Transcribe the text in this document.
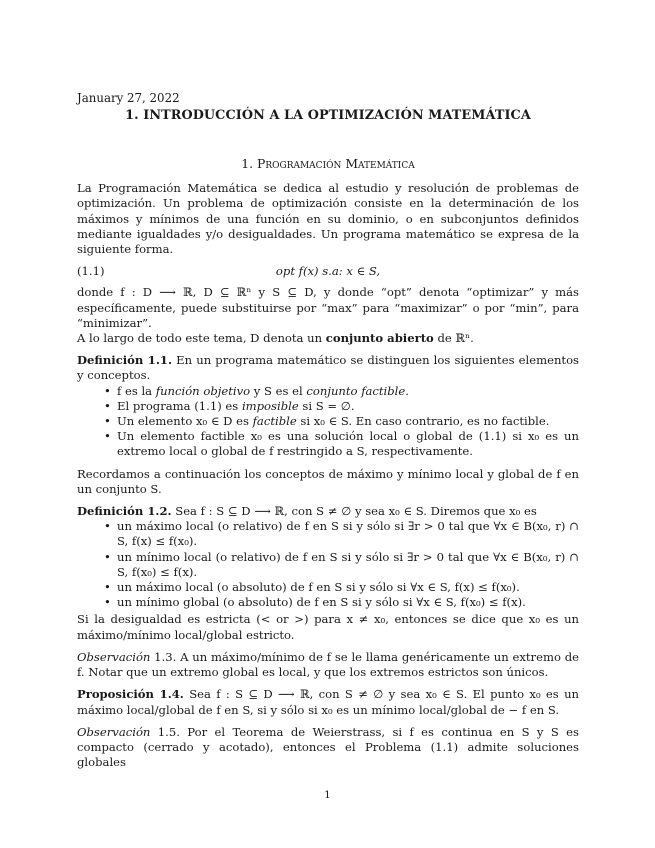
January 27, 2022
1. INTRODUCCIÓN A LA OPTIMIZACIÓN MATEMÁTICA
1. Programación Matemática

La Programación Matemática se dedica al estudio y resolución de problemas de optimización. Un problema de optimización consiste en la determinación de los máximos y mínimos de una función en su dominio, o en subconjuntos definidos mediante igualdades y/o desigualdades. Un programa matemático se expresa de la siguiente forma.

(1.1)	opt f(x) s.a: x ∈ S,

donde f : D ⟶ ℝ, D ⊆ ℝⁿ y S ⊆ D, y donde “opt” denota “optimizar” y más específicamente, puede substituirse por “max” para “maximizar” o por “min”, para “minimizar”.

A lo largo de todo este tema, D denota un conjunto abierto de ℝⁿ.

Definición 1.1. En un programa matemático se distinguen los siguientes elementos y conceptos.

• f es la función objetivo y S es el conjunto factible.
• El programa (1.1) es imposible si S = ∅.
• Un elemento x₀ ∈ D es factible si x₀ ∈ S. En caso contrario, es no factible.
• Un elemento factible x₀ es una solución local o global de (1.1) si x₀ es un extremo local o global de f restringido a S, respectivamente.

Recordamos a continuación los conceptos de máximo y mínimo local y global de f en un conjunto S.

Definición 1.2. Sea f : S ⊆ D ⟶ ℝ, con S ≠ ∅ y sea x₀ ∈ S. Diremos que x₀ es

• un máximo local (o relativo) de f en S si y sólo si ∃r > 0 tal que ∀x ∈ B(x₀, r) ∩ S, f(x) ≤ f(x₀).
• un mínimo local (o relativo) de f en S si y sólo si ∃r > 0 tal que ∀x ∈ B(x₀, r) ∩ S, f(x₀) ≤ f(x).
• un máximo local (o absoluto) de f en S si y sólo si ∀x ∈ S, f(x) ≤ f(x₀).
• un mínimo global (o absoluto) de f en S si y sólo si ∀x ∈ S, f(x₀) ≤ f(x).

Si la desigualdad es estricta (< or >) para x ≠ x₀, entonces se dice que x₀ es un máximo/mínimo local/global estricto.

Observación 1.3. A un máximo/mínimo de f se le llama genéricamente un extremo de f. Notar que un extremo global es local, y que los extremos estrictos son únicos.

Proposición 1.4. Sea f : S ⊆ D ⟶ ℝ, con S ≠ ∅ y sea x₀ ∈ S. El punto x₀ es un máximo local/global de f en S, si y sólo si x₀ es un mínimo local/global de − f en S.

Observación 1.5. Por el Teorema de Weierstrass, si f es continua en S y S es compacto (cerrado y acotado), entonces el Problema (1.1) admite soluciones globales

1
